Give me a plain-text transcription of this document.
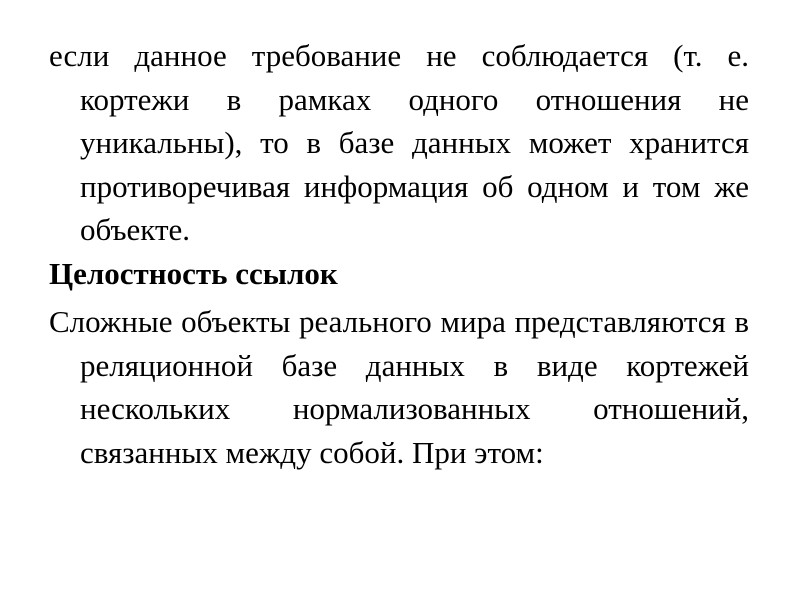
если данное требование не соблюдается (т. е. кортежи в рамках одного отношения не уникальны), то в базе данных может хранится противоречивая информация об одном и том же объекте.

Целостность ссылок

Сложные объекты реального мира представляются в реляционной базе данных в виде кортежей нескольких нормализованных отношений, связанных между собой. При этом:
